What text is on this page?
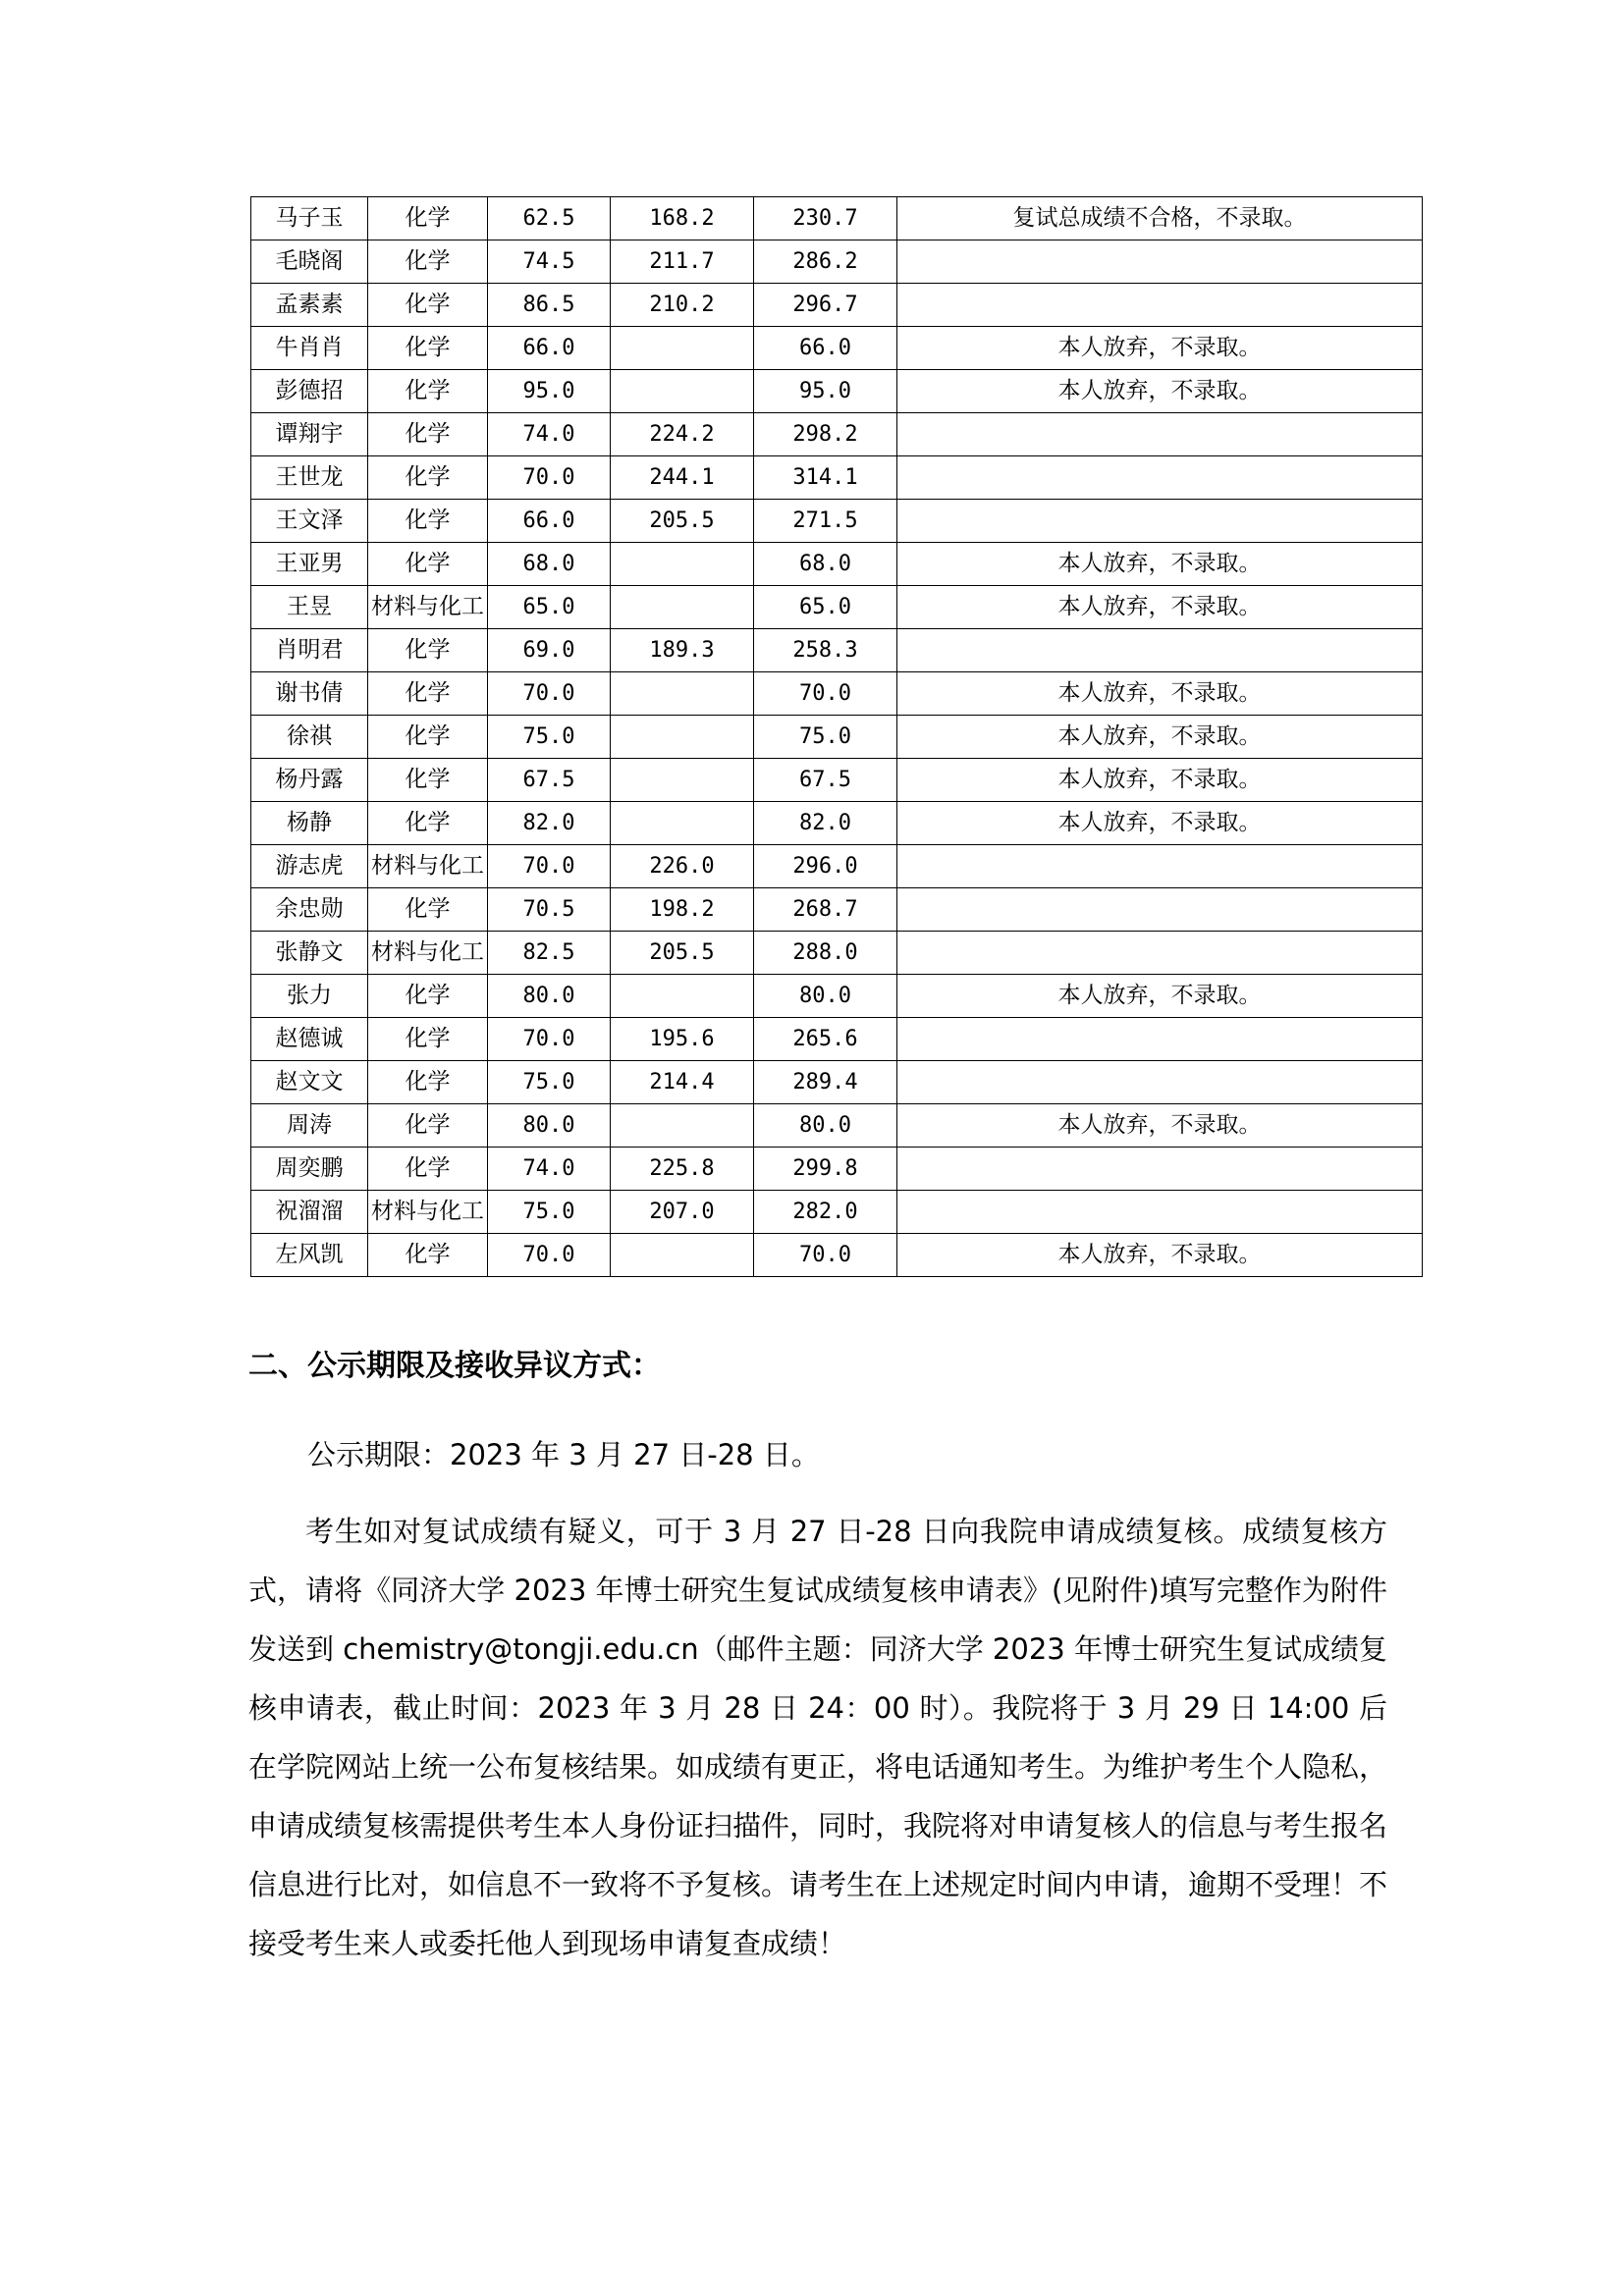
马子玉	化学	62.5	168.2	230.7	复试总成绩不合格，不录取。
毛晓阁	化学	74.5	211.7	286.2	
孟素素	化学	86.5	210.2	296.7	
牛肖肖	化学	66.0		66.0	本人放弃，不录取。
彭德招	化学	95.0		95.0	本人放弃，不录取。
谭翔宇	化学	74.0	224.2	298.2	
王世龙	化学	70.0	244.1	314.1	
王文泽	化学	66.0	205.5	271.5	
王亚男	化学	68.0		68.0	本人放弃，不录取。
王昱	材料与化工	65.0		65.0	本人放弃，不录取。
肖明君	化学	69.0	189.3	258.3	
谢书倩	化学	70.0		70.0	本人放弃，不录取。
徐祺	化学	75.0		75.0	本人放弃，不录取。
杨丹露	化学	67.5		67.5	本人放弃，不录取。
杨静	化学	82.0		82.0	本人放弃，不录取。
游志虎	材料与化工	70.0	226.0	296.0	
余忠勋	化学	70.5	198.2	268.7	
张静文	材料与化工	82.5	205.5	288.0	
张力	化学	80.0		80.0	本人放弃，不录取。
赵德诚	化学	70.0	195.6	265.6	
赵文文	化学	75.0	214.4	289.4	
周涛	化学	80.0		80.0	本人放弃，不录取。
周奕鹏	化学	74.0	225.8	299.8	
祝溜溜	材料与化工	75.0	207.0	282.0	
左风凯	化学	70.0		70.0	本人放弃，不录取。
二、公示期限及接收异议方式：
公示期限：2023 年 3 月 27 日-28 日。

考生如对复试成绩有疑义，可于 3 月 27 日-28 日向我院申请成绩复核。成绩复核方式，请将《同济大学 2023 年博士研究生复试成绩复核申请表》(见附件)填写完整作为附件发送到 chemistry@tongji.edu.cn（邮件主题：同济大学 2023 年博士研究生复试成绩复核申请表，截止时间：2023 年 3 月 28 日 24：00 时）。我院将于 3 月 29 日 14:00 后在学院网站上统一公布复核结果。如成绩有更正，将电话通知考生。为维护考生个人隐私，申请成绩复核需提供考生本人身份证扫描件，同时，我院将对申请复核人的信息与考生报名信息进行比对，如信息不一致将不予复核。请考生在上述规定时间内申请，逾期不受理！不接受考生来人或委托他人到现场申请复查成绩！
